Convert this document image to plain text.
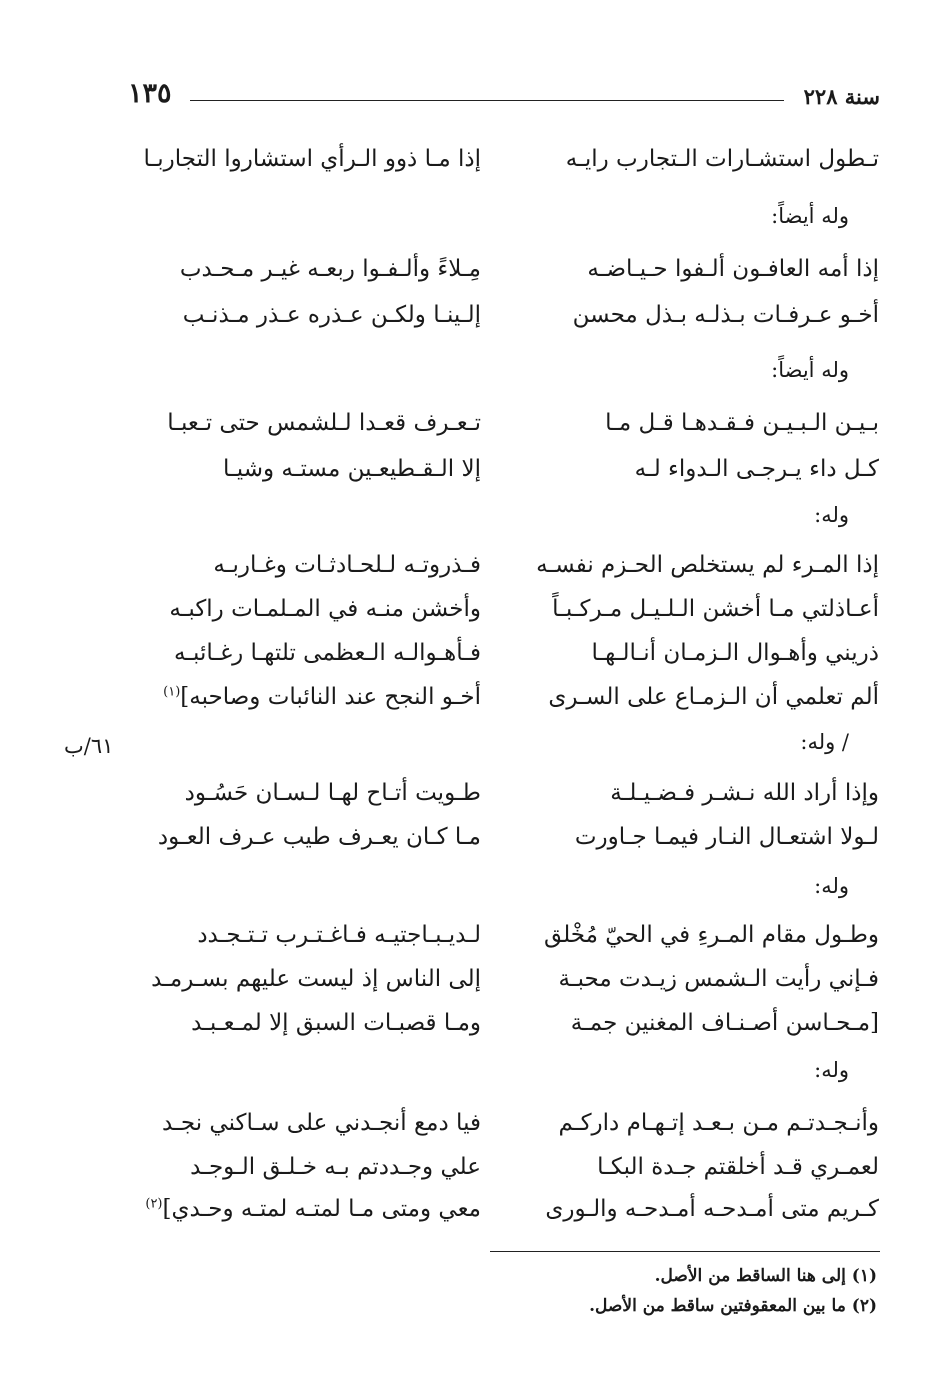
سنة ٢٢٨
١٣٥
تـطول استشـارات الـتجارب رايـه
إذا مـا ذوو الـرأي استشاروا التجاربـا
وله أيضاً:
إذا أمه العافـون ألـفوا حـيـاضـه
مِـلاءً وألـفـوا ربعـه غيـر مـحـدب
أخـو عـرفـات بـذلـه بـذل محسن
إلـينـا ولكـن عـذره عـذر مـذنـب
وله أيضاً:
بـيـن الـبـيـن فـقـدهـا قـل مـا
تـعـرف قعـدا لـلشمس حتى تـعبـا
كـل داء يـرجـى الـدواء لـه
إلا الـقـطيعـين مستـه وشيـا
وله:
إذا المـرء لم يستخلص الحـزم نفسـه
فـذروتـه لـلحـادثـات وغـاربـه
أعـاذلتي مـا أخشن الـلـيـل مـركـبـاً
وأخشن منـه في المـلمـات راكبـه
ذريني وأهـوال الـزمـان أنـالـهـا
فـأهـوالـه الـعظمى تلتهـا رغـائبـه
ألم تعلمي أن الـزمـاع على السـرى
أخـو النجح عند النائبات وصاحبه]$^{(١)}$
٦١/ب	/ وله:
وإذا أراد الله نـشـر فـضـيـلـة
طـويت أتـاح لهـا لـسـان حَسُـود
لـولا اشتعـال النـار فيمـا جـاورت
مـا كـان يعـرف طيب عـرف العـود
وله:
وطـول مقام المـرءِ في الحيّ مُخْلق
لـديـبـاجتيـه فـاغـتـرب تـتـجـدد
فـإني رأيت الـشمس زيـدت محبـة
إلى الناس إذ ليست عليهم بسـرمـد
[مـحـاسن أصـنـاف المغنين جمـة
ومـا قصبـات السبق إلا لمـعـبـد
وله:
وأنـجـدتـم مـن بـعـد إتـهـام داركـم
فيا دمع أنجـدني على سـاكني نجـد
لعمـري قـد أخلقتم جـدة البكـا
علي وجـددتم بـه خـلـق الـوجـد
كـريم متى أمـدحـه أمـدحـه والـورى
معي ومتى مـا لمتـه لمتـه وحـدي]$^{(٢)}$
(١) إلى هنا الساقط من الأصل.
(٢) ما بين المعقوفتين ساقط من الأصل.
